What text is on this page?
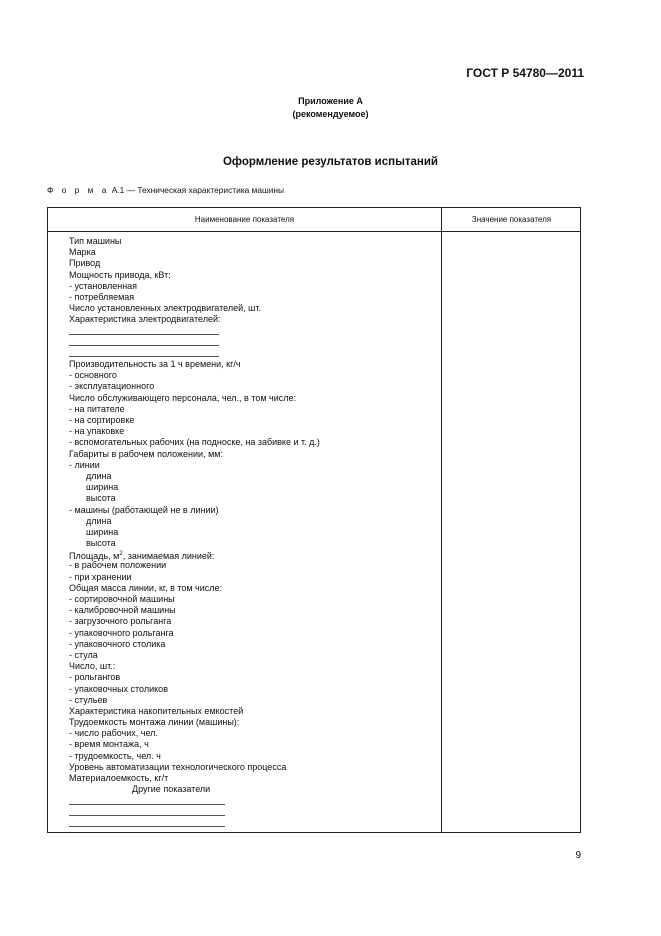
ГОСТ Р 54780—2011
Приложение А
(рекомендуемое)
Оформление результатов испытаний
Ф о р м а А.1 — Техническая характеристика машины
Наименование показателя	Значение показателя
Тип машины
Марка
Привод
Мощность привода, кВт:
- установленная
- потребляемая
Число установленных электродвигателей, шт.
Характеристика электродвигателей:
Производительность за 1 ч времени, кг/ч
- основного
- эксплуатационного
Число обслуживающего персонала, чел., в том числе:
- на питателе
- на сортировке
- на упаковке
- вспомогательных рабочих (на подноске, на забивке и т. д.)
Габариты в рабочем положении, мм:
- линии
длина
ширина
высота
- машины (работающей не в линии)
длина
ширина
высота
Площадь, $м^2$, занимаемая линией:
- в рабочем положении
- при хранении
Общая масса линии, кг, в том числе:
- сортировочной машины
- калибровочной машины
- загрузочного рольганга
- упаковочного рольганга
- упаковочного столика
- стула
Число, шт.:
- рольгангов
- упаковочных столиков
- стульев
Характеристика накопительных емкостей
Трудоемкость монтажа линии (машины):
- число рабочих, чел.
- время монтажа, ч
- трудоемкость, чел. ч
Уровень автоматизации технологического процесса
Материалоемкость, кг/т
Другие показатели
9
